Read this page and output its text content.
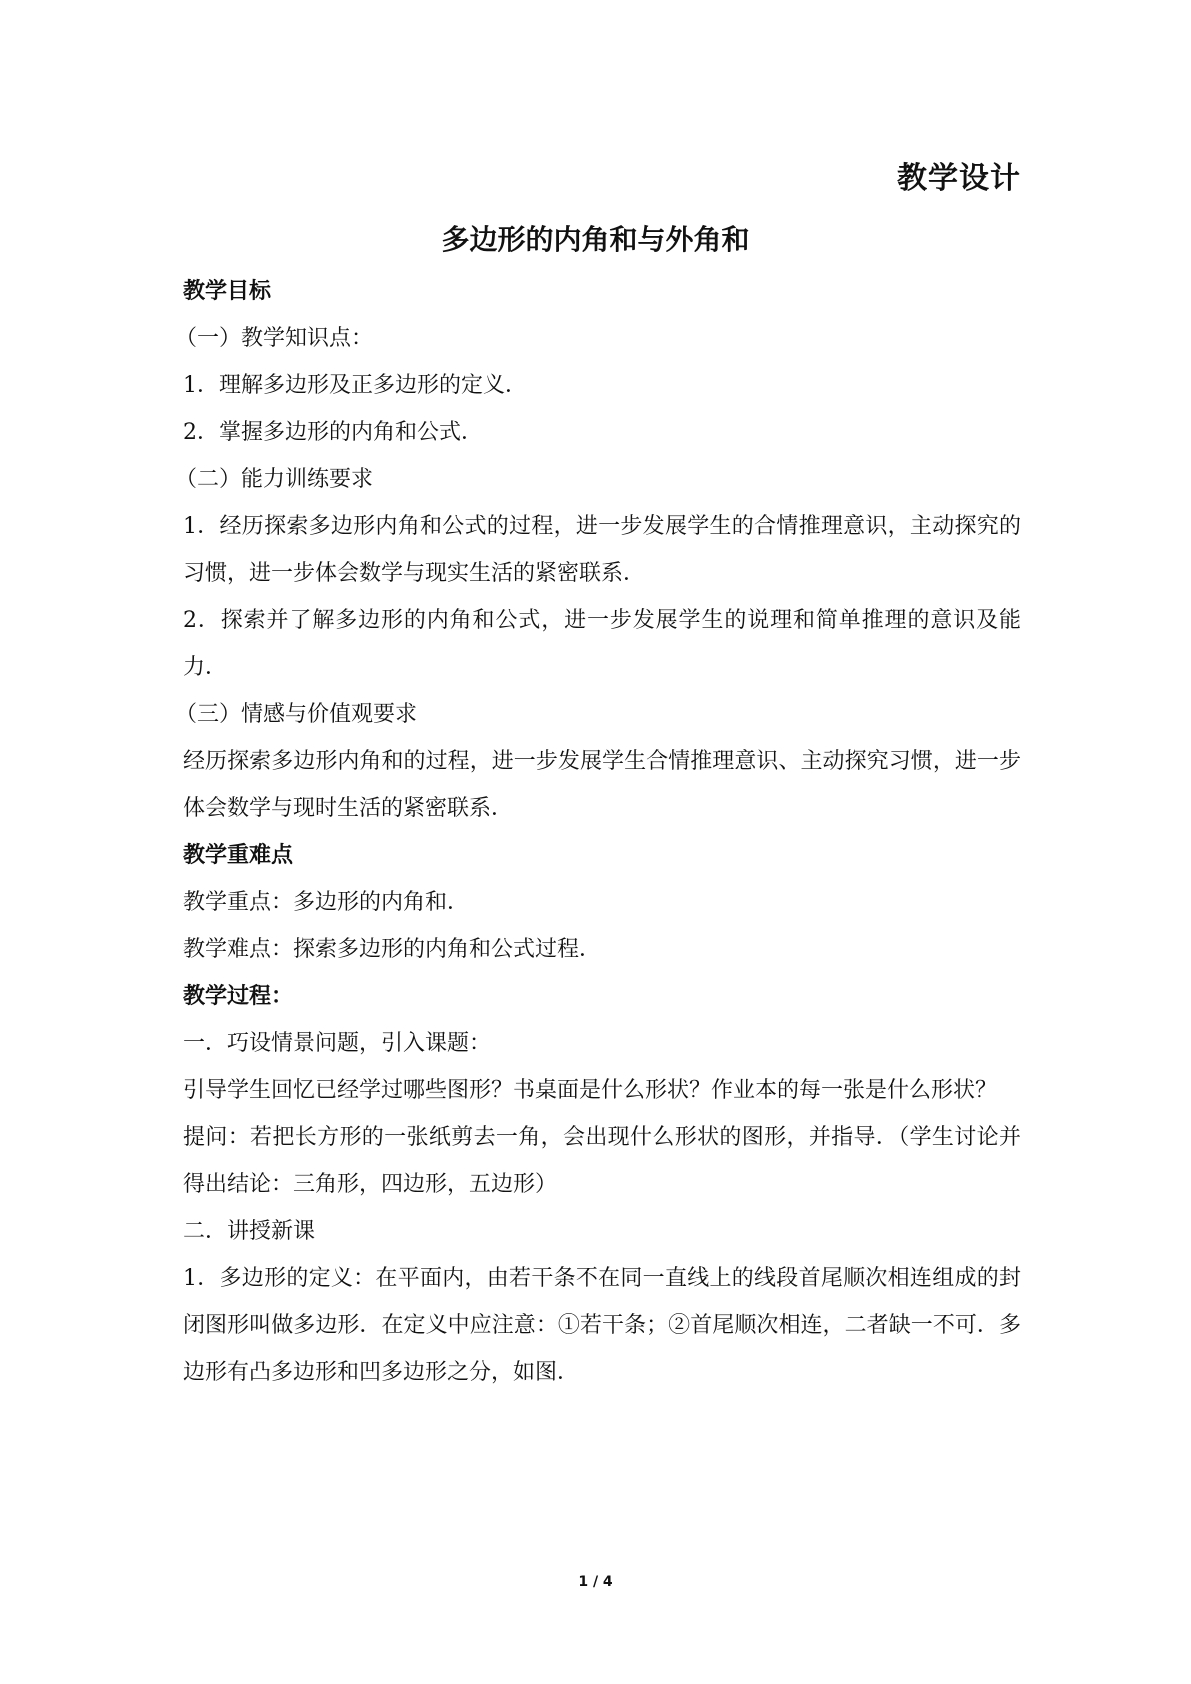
教学设计
多边形的内角和与外角和
教学目标
（一）教学知识点：
1．理解多边形及正多边形的定义．
2．掌握多边形的内角和公式．
（二）能力训练要求
1．经历探索多边形内角和公式的过程，进一步发展学生的合情推理意识，主动探究的习惯，进一步体会数学与现实生活的紧密联系．
2．探索并了解多边形的内角和公式，进一步发展学生的说理和简单推理的意识及能力．
（三）情感与价值观要求
经历探索多边形内角和的过程，进一步发展学生合情推理意识、主动探究习惯，进一步体会数学与现时生活的紧密联系．
教学重难点
教学重点：多边形的内角和．
教学难点：探索多边形的内角和公式过程．
教学过程：
一．巧设情景问题，引入课题：
引导学生回忆已经学过哪些图形？书桌面是什么形状？作业本的每一张是什么形状？
提问：若把长方形的一张纸剪去一角，会出现什么形状的图形，并指导．（学生讨论并得出结论：三角形，四边形，五边形）
二．讲授新课
1．多边形的定义：在平面内，由若干条不在同一直线上的线段首尾顺次相连组成的封闭图形叫做多边形．在定义中应注意：①若干条；②首尾顺次相连，二者缺一不可．多边形有凸多边形和凹多边形之分，如图．
1 / 4
